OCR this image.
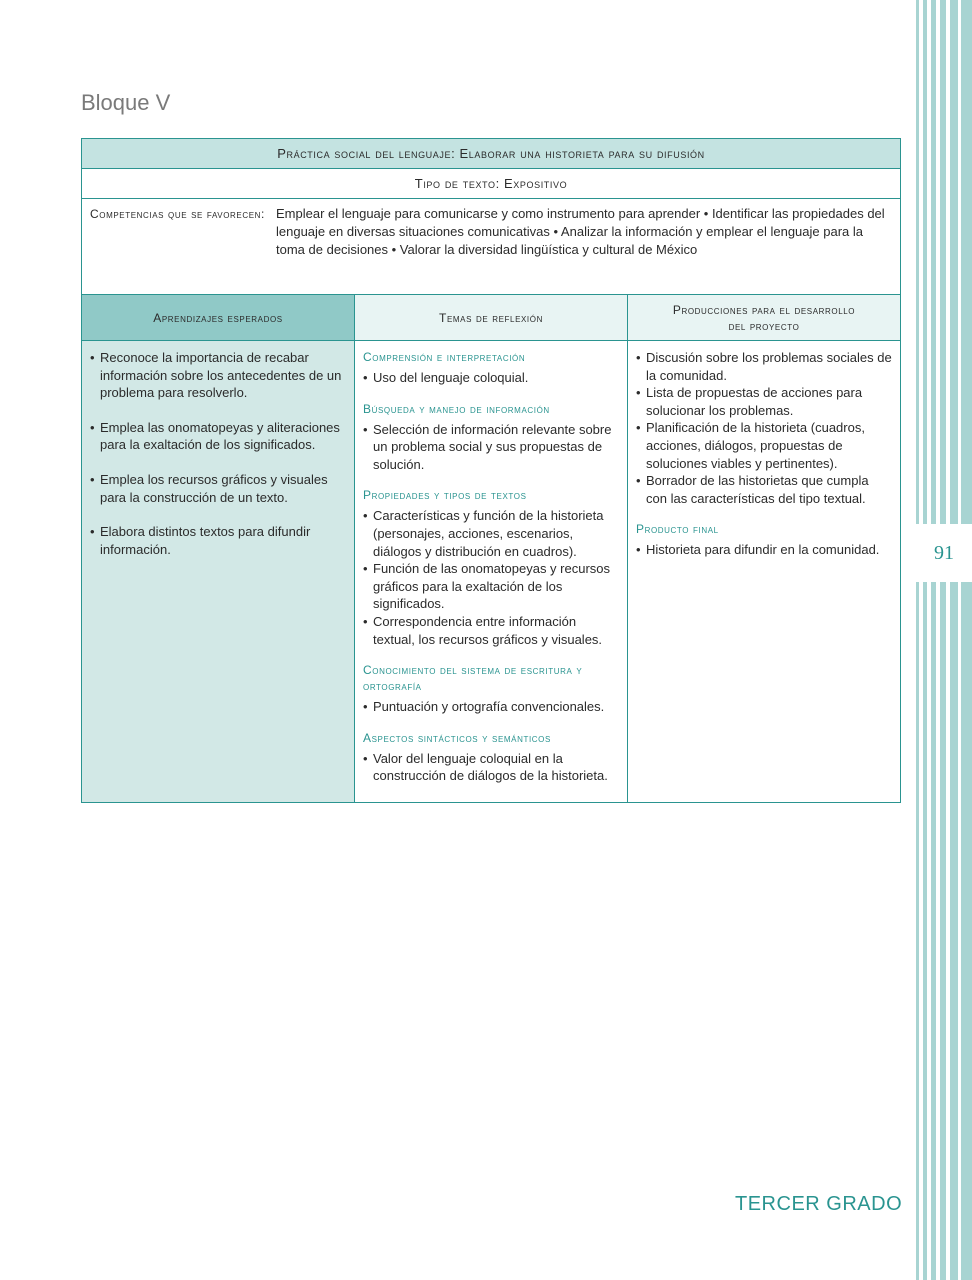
91
Bloque V
Práctica social del lenguaje: Elaborar una historieta para su difusión
Tipo de texto: Expositivo
Competencias que se favorecen: Emplear el lenguaje para comunicarse y como instrumento para aprender • Identificar las propiedades del lenguaje en diversas situaciones comunicativas • Analizar la información y emplear el lenguaje para la toma de decisiones • Valorar la diversidad lingüística y cultural de México
Aprendizajes esperados	Temas de reflexión
Producciones para el desarrollo
del proyecto
• Reconoce la importancia de recabar información sobre los antecedentes de un problema para resolverlo.
• Emplea las onomatopeyas y aliteraciones para la exaltación de los significados.
• Emplea los recursos gráficos y visuales para la construcción de un texto.
• Elabora distintos textos para difundir información.
Comprensión e interpretación
• Uso del lenguaje coloquial.
Búsqueda y manejo de información
• Selección de información relevante sobre un problema social y sus propuestas de solución.
Propiedades y tipos de textos
• Características y función de la historieta (personajes, acciones, escenarios, diálogos y distribución en cuadros).
• Función de las onomatopeyas y recursos gráficos para la exaltación de los significados.
• Correspondencia entre información textual, los recursos gráficos y visuales.
Conocimiento del sistema de escritura y ortografía
• Puntuación y ortografía convencionales.
Aspectos sintácticos y semánticos
• Valor del lenguaje coloquial en la construcción de diálogos de la historieta.
• Discusión sobre los problemas sociales de la comunidad.
• Lista de propuestas de acciones para solucionar los problemas.
• Planificación de la historieta (cuadros, acciones, diálogos, propuestas de soluciones viables y pertinentes).
• Borrador de las historietas que cumpla con las características del tipo textual.
Producto final
• Historieta para difundir en la comunidad.
TERCER GRADO
